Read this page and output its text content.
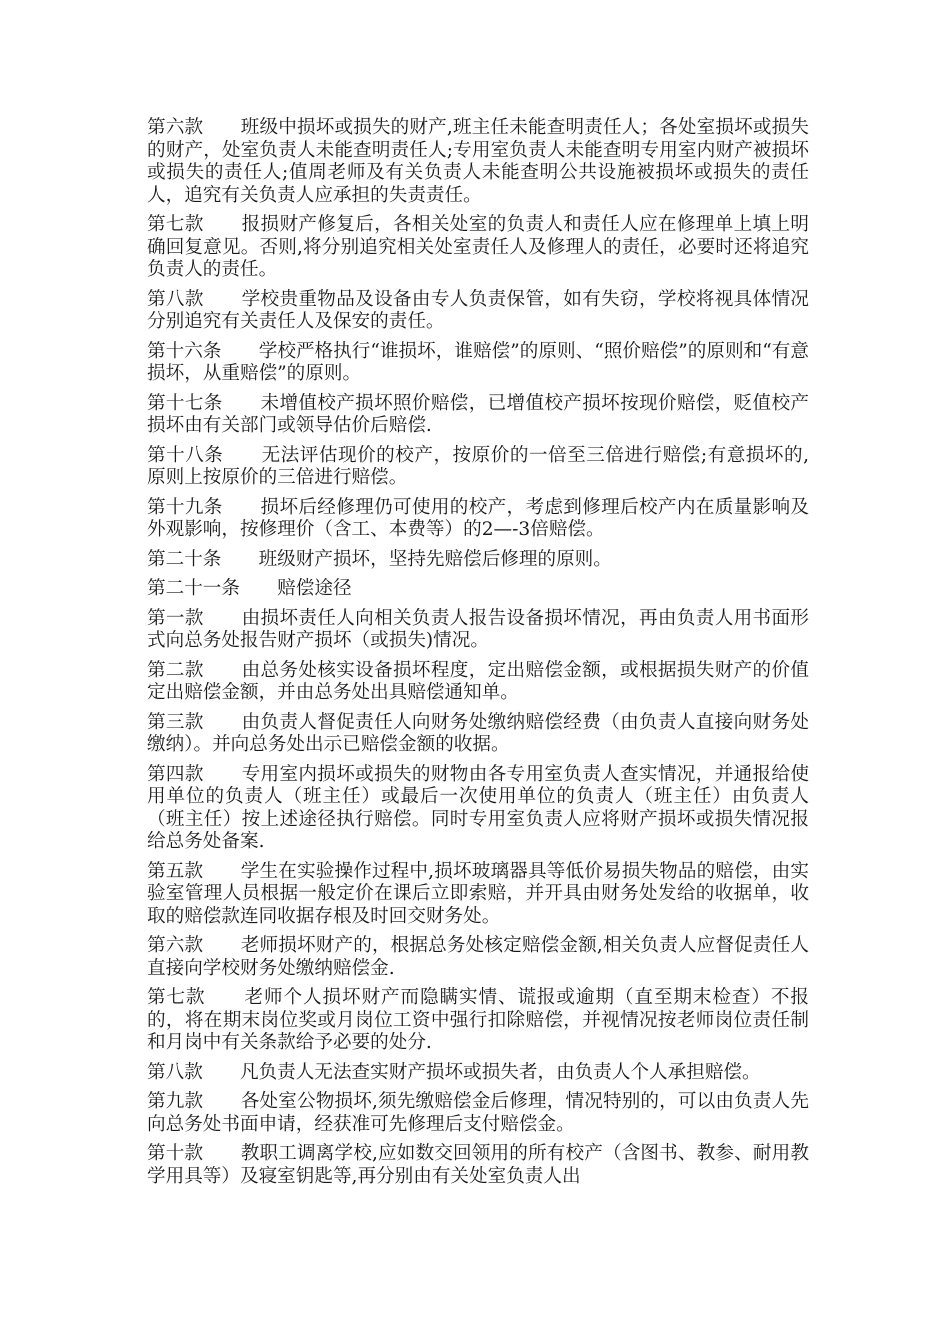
第六款　　班级中损坏或损失的财产,班主任未能查明责任人；各处室损坏或损失的财产，处室负责人未能查明责任人;专用室负责人未能查明专用室内财产被损坏或损失的责任人;值周老师及有关负责人未能查明公共设施被损坏或损失的责任人，追究有关负责人应承担的失责责任。

第七款　　报损财产修复后，各相关处室的负责人和责任人应在修理单上填上明确回复意见。否则,将分别追究相关处室责任人及修理人的责任，必要时还将追究负责人的责任。

第八款　　学校贵重物品及设备由专人负责保管，如有失窃，学校将视具体情况分别追究有关责任人及保安的责任。

第十六条　　学校严格执行“谁损坏，谁赔偿”的原则、“照价赔偿”的原则和“有意损坏，从重赔偿”的原则。

第十七条　　未增值校产损坏照价赔偿，已增值校产损坏按现价赔偿，贬值校产损坏由有关部门或领导估价后赔偿.

第十八条　　无法评估现价的校产，按原价的一倍至三倍进行赔偿;有意损坏的,原则上按原价的三倍进行赔偿。

第十九条　　损坏后经修理仍可使用的校产，考虑到修理后校产内在质量影响及外观影响，按修理价（含工、本费等）的2—-3倍赔偿。

第二十条　　班级财产损坏，坚持先赔偿后修理的原则。

第二十一条　　赔偿途径

第一款　　由损坏责任人向相关负责人报告设备损坏情况，再由负责人用书面形式向总务处报告财产损坏（或损失)情况。

第二款　　由总务处核实设备损坏程度，定出赔偿金额，或根据损失财产的价值定出赔偿金额，并由总务处出具赔偿通知单。

第三款　　由负责人督促责任人向财务处缴纳赔偿经费（由负责人直接向财务处缴纳）。并向总务处出示已赔偿金额的收据。

第四款　　专用室内损坏或损失的财物由各专用室负责人查实情况，并通报给使用单位的负责人（班主任）或最后一次使用单位的负责人（班主任）由负责人（班主任）按上述途径执行赔偿。同时专用室负责人应将财产损坏或损失情况报给总务处备案.

第五款　　学生在实验操作过程中,损坏玻璃器具等低价易损失物品的赔偿，由实验室管理人员根据一般定价在课后立即索赔，并开具由财务处发给的收据单，收取的赔偿款连同收据存根及时回交财务处。

第六款　　老师损坏财产的，根据总务处核定赔偿金额,相关负责人应督促责任人直接向学校财务处缴纳赔偿金.

第七款　　老师个人损坏财产而隐瞒实情、谎报或逾期（直至期末检查）不报的，将在期末岗位奖或月岗位工资中强行扣除赔偿，并视情况按老师岗位责任制和月岗中有关条款给予必要的处分.

第八款　　凡负责人无法查实财产损坏或损失者，由负责人个人承担赔偿。

第九款　　各处室公物损坏,须先缴赔偿金后修理，情况特别的，可以由负责人先向总务处书面申请，经获准可先修理后支付赔偿金。

第十款　　教职工调离学校,应如数交回领用的所有校产（含图书、教参、耐用教学用具等）及寝室钥匙等,再分别由有关处室负责人出
